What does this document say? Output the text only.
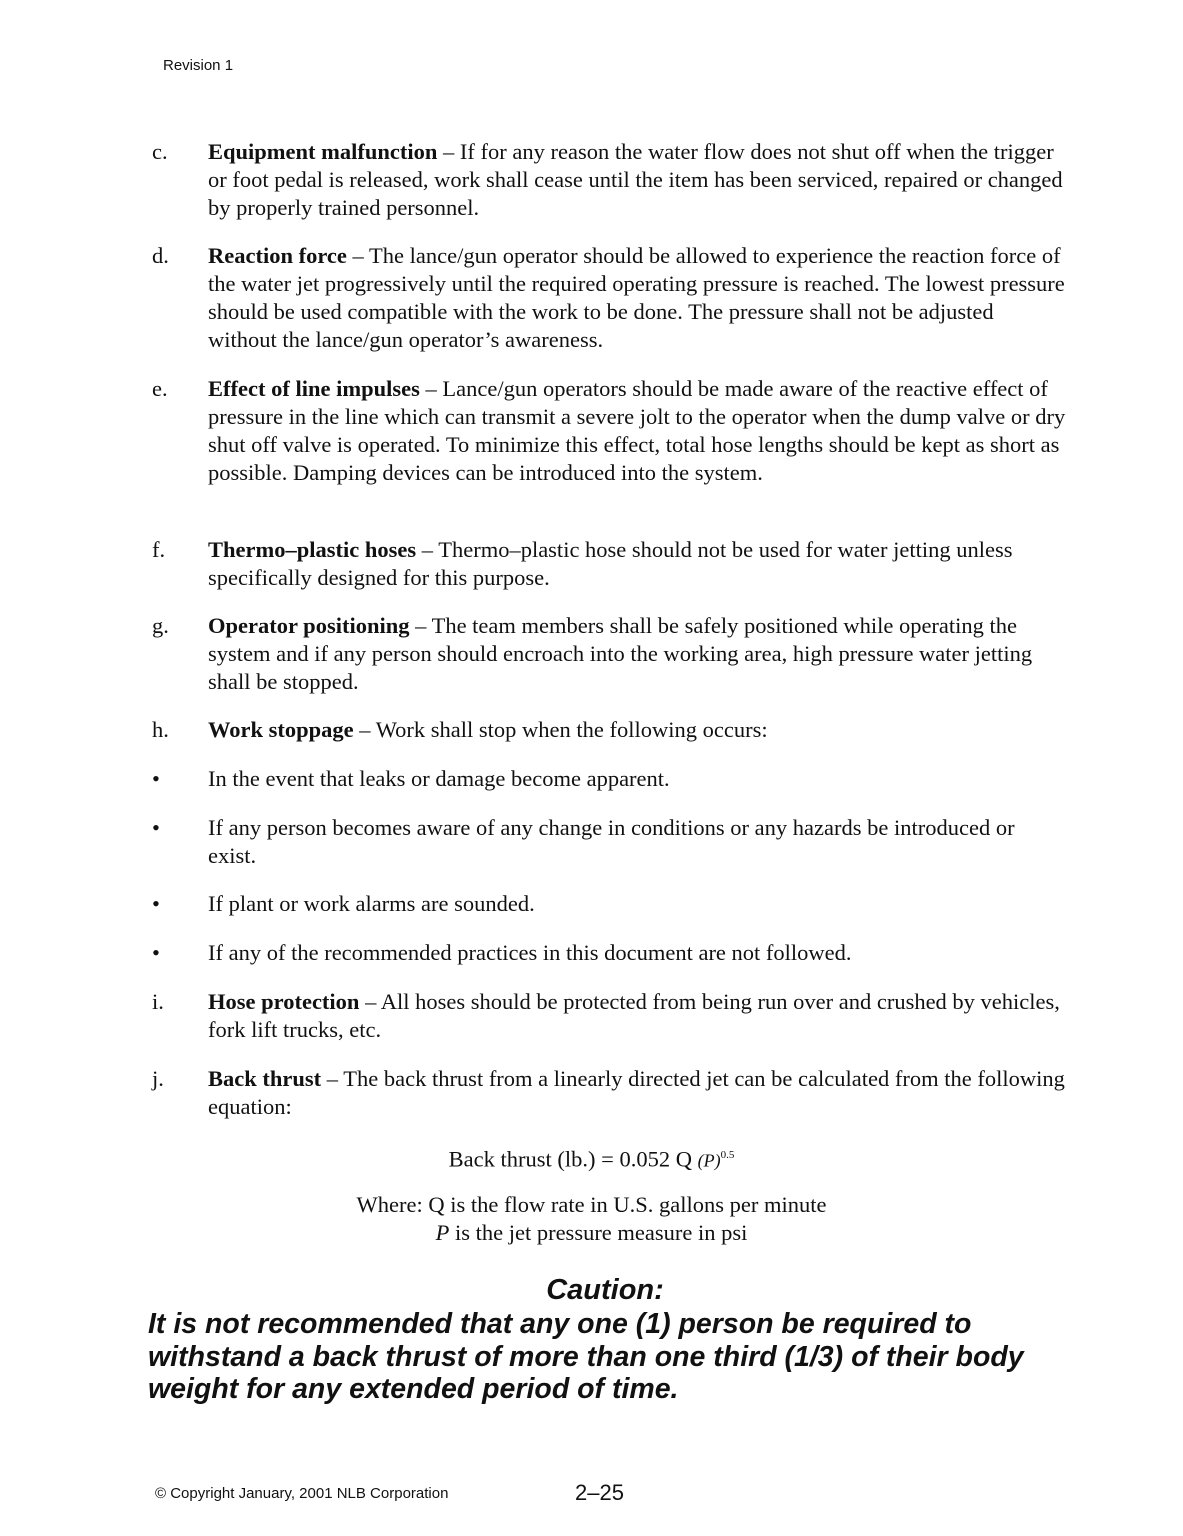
Revision 1
c.	Equipment malfunction – If for any reason the water flow does not shut off when the trigger or foot pedal is released, work shall cease until the item has been serviced, repaired or changed by properly trained personnel.
d.	Reaction force – The lance/gun operator should be allowed to experience the reaction force of the water jet progressively until the required operating pressure is reached. The lowest pressure should be used compatible with the work to be done. The pressure shall not be adjusted without the lance/gun operator’s awareness.
e.	Effect of line impulses – Lance/gun operators should be made aware of the reactive effect of pressure in the line which can transmit a severe jolt to the operator when the dump valve or dry shut off valve is operated. To minimize this effect, total hose lengths should be kept as short as possible. Damping devices can be introduced into the system.
f.	Thermo–plastic hoses – Thermo–plastic hose should not be used for water jetting unless specifically designed for this purpose.
g.	Operator positioning – The team members shall be safely positioned while operating the system and if any person should encroach into the working area, high pressure water jetting shall be stopped.
h.	Work stoppage – Work shall stop when the following occurs:
•	In the event that leaks or damage become apparent.
•	If any person becomes aware of any change in conditions or any hazards be introduced or exist.
•	If plant or work alarms are sounded.
•	If any of the recommended practices in this document are not followed.
i.	Hose protection – All hoses should be protected from being run over and crushed by vehicles, fork lift trucks, etc.
j.	Back thrust – The back thrust from a linearly directed jet can be calculated from the following equation:
Back thrust (lb.) = 0.052 Q $(P)^{0.5}$
Where: Q is the flow rate in U.S. gallons per minute
P is the jet pressure measure in psi
Caution:
It is not recommended that any one (1) person be required to withstand a back thrust of more than one third (1/3) of their body weight for any extended period of time.
© Copyright January, 2001 NLB Corporation	2–25
